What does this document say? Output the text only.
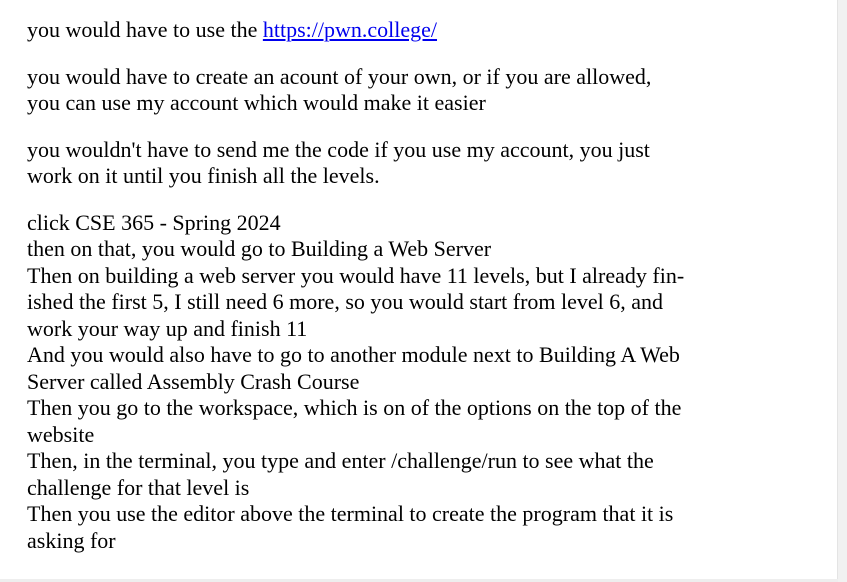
you would have to use the https://pwn.college/

you would have to create an acount of your own, or if you are allowed,
you can use my account which would make it easier

you wouldn't have to send me the code if you use my account, you just
work on it until you finish all the levels.

click CSE 365 - Spring 2024
then on that, you would go to Building a Web Server
Then on building a web server you would have 11 levels, but I already fin-
ished the first 5, I still need 6 more, so you would start from level 6, and
work your way up and finish 11
And you would also have to go to another module next to Building A Web
Server called Assembly Crash Course
Then you go to the workspace, which is on of the options on the top of the
website
Then, in the terminal, you type and enter /challenge/run to see what the
challenge for that level is
Then you use the editor above the terminal to create the program that it is
asking for
